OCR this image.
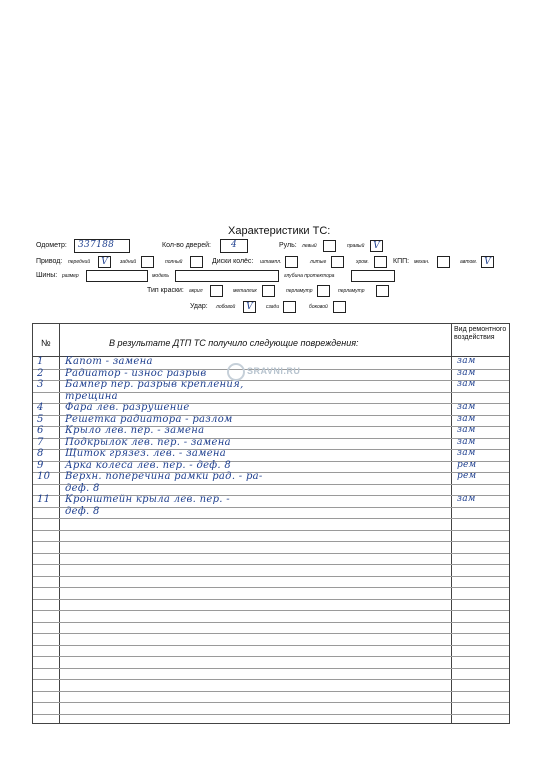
Характеристики ТС:
Одометр: 337188	Кол-во дверей: 4	Руль: левый	правый V
Привод: передний V	задний	полный	Диски колёс: штампл.	литые	хром.	КПП: механ.	автом. V
Шины: размер	модель	глубина протектора
Тип краски: акрил	металлик	перламутр	перламутр
Удар: лобовой V	сзади	боковой
№	В результате ДТП ТС получило следующие повреждения:
Вид ремонтного воздействия
1 Капот - замена	зам
2 Радиатор - износ разрыв	зам
3 Бампер пер. разрыв крепления,	зам
трещина
4 Фара лев. разрушение	зам
5 Решетка радиатора - разлом	зам
6 Крыло лев. пер. - замена	зам
7 Подкрылок лев. пер. - замена	зам
8 Щиток грязез. лев. - замена	зам
9 Арка колеса лев. пер. - деф. 8	рем
10 Верхн. поперечина рамки рад. - ра-	рем
деф. 8
11 Кронштейн крыла лев. пер. -	зам
деф. 8
SRAVNI.RU
